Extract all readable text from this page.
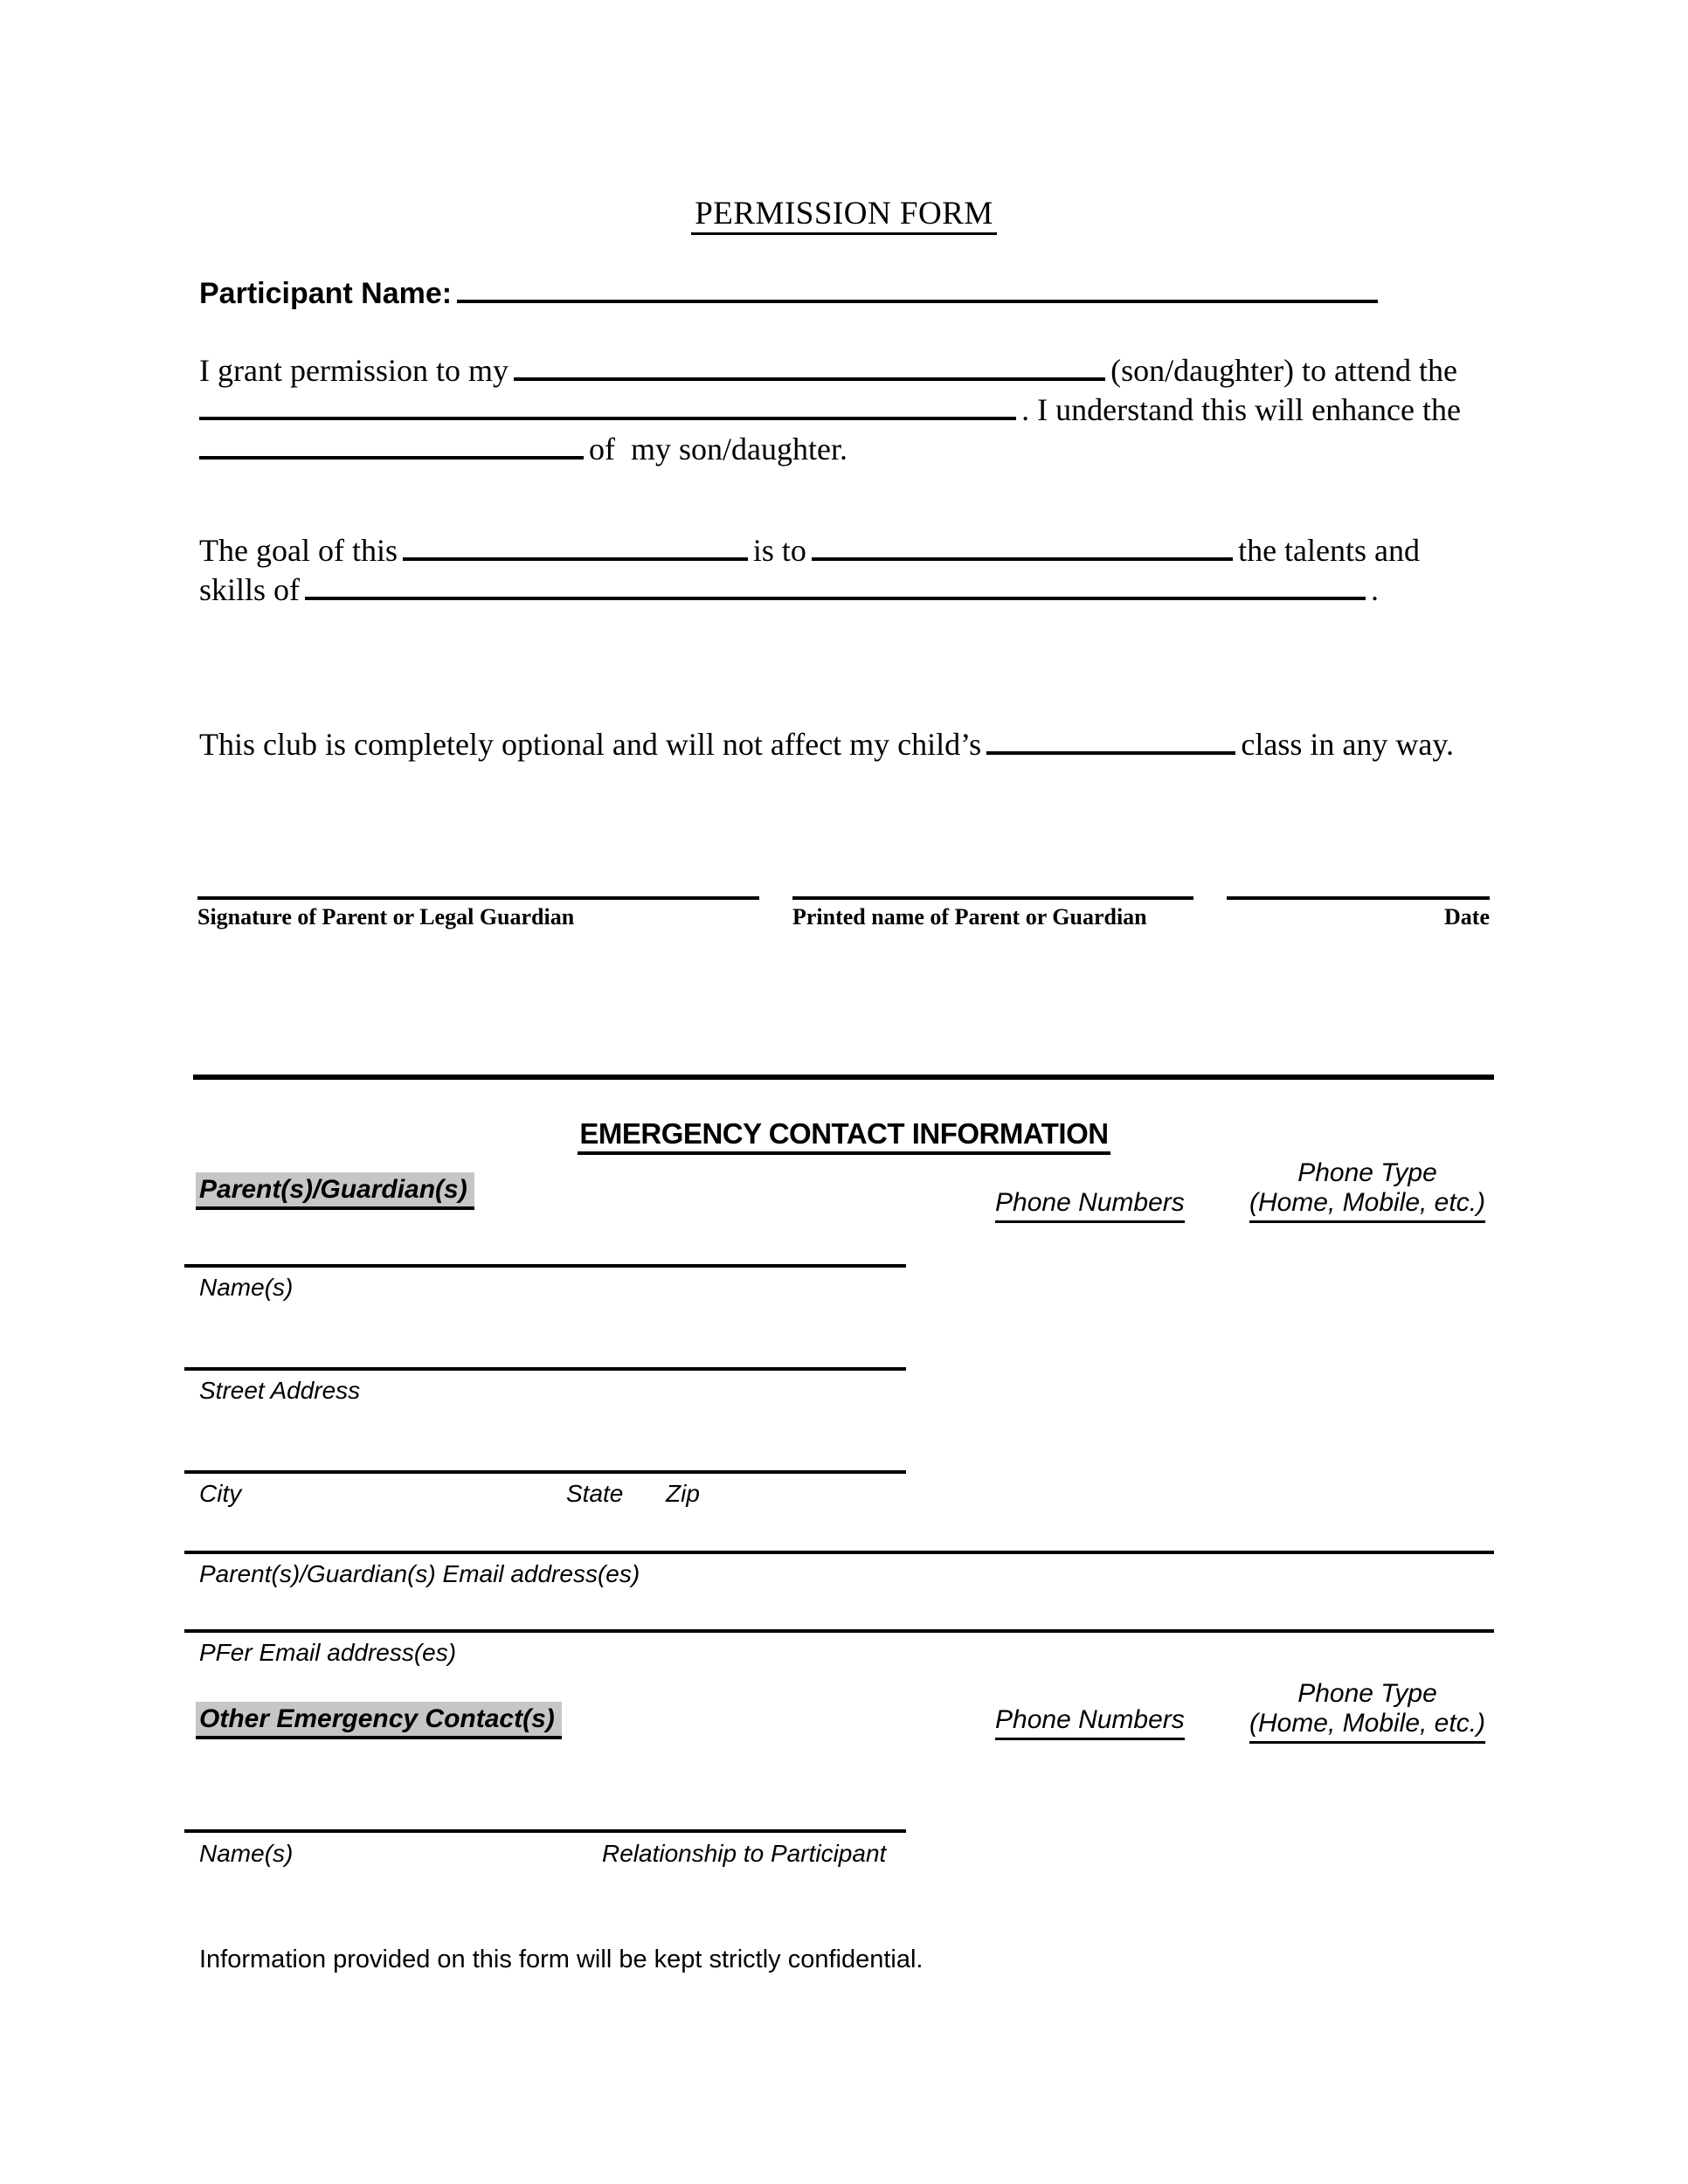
PERMISSION FORM
Participant Name:
I grant permission to my	(son/daughter) to attend the
. I understand this will enhance the
of  my son/daughter.
The goal of this	is to	the talents and
skills of	.
This club is completely optional and will not affect my child’s	class in any way.
Signature of Parent or Legal Guardian	Printed name of Parent or Guardian	Date
EMERGENCY CONTACT INFORMATION
Parent(s)/Guardian(s)	Phone Numbers
Phone Type
(Home, Mobile, etc.)
Name(s)
Street Address
City	State Zip
Parent(s)/Guardian(s) Email address(es)
PFer Email address(es)
Phone Type
(Home, Mobile, etc.)
Other Emergency Contact(s)	Phone Numbers
Name(s)	Relationship to Participant
Information provided on this form will be kept strictly confidential.
